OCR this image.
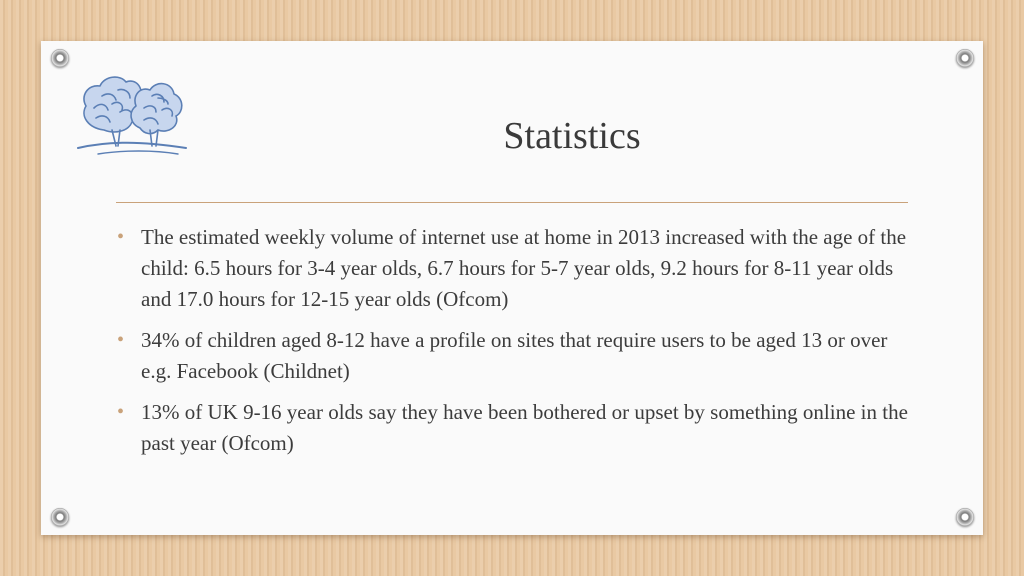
Statistics
• The estimated weekly volume of internet use at home in 2013 increased with the age of the child: 6.5 hours for 3-4 year olds, 6.7 hours for 5-7 year olds, 9.2 hours for 8-11 year olds and 17.0 hours for 12-15 year olds (Ofcom)
• 34% of children aged 8-12 have a profile on sites that require users to be aged 13 or over e.g. Facebook (Childnet)
• 13% of UK 9-16 year olds say they have been bothered or upset by something online in the past year (Ofcom)
